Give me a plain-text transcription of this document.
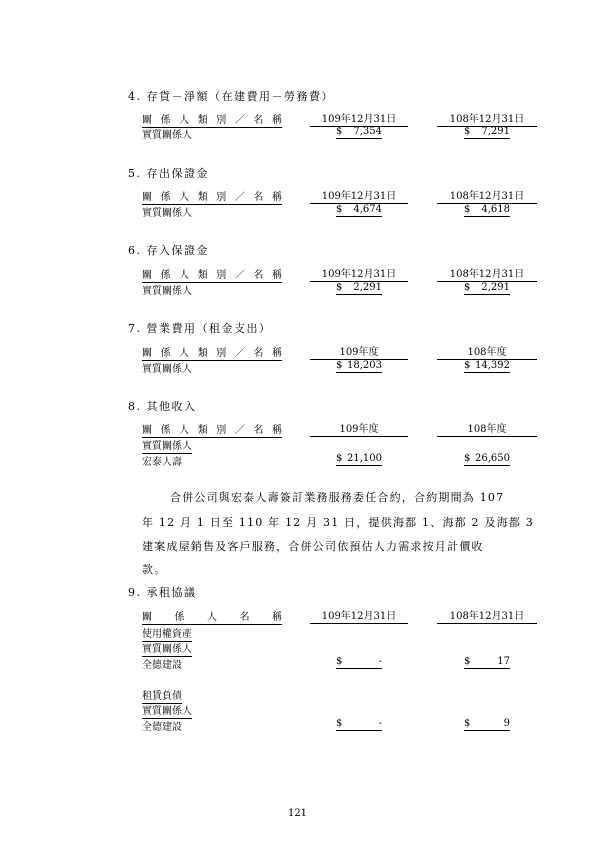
4. 存貨－淨額（在建費用－勞務費）
關係人類別／名稱	109年12月31日	108年12月31日
實質關係人	$ 7,354	$ 7,291
5. 存出保證金
關係人類別／名稱	109年12月31日	108年12月31日
實質關係人	$ 4,674	$ 4,618
6. 存入保證金
關係人類別／名稱	109年12月31日	108年12月31日
實質關係人	$ 2,291	$ 2,291
7. 營業費用（租金支出）
關係人類別／名稱	109年度	108年度
實質關係人	$ 18,203	$ 14,392
8. 其他收入
關係人類別／名稱	109年度	108年度
實質關係人
宏泰人壽	$ 21,100	$ 26,650
合併公司與宏泰人壽簽訂業務服務委任合約，合約期間為 107
年 12 月 1 日至 110 年 12 月 31 日，提供海都 1、海都 2 及海都 3
建案成屋銷售及客戶服務，合併公司依預估人力需求按月計價收
款。
9. 承租協議
關係人名稱	109年12月31日	108年12月31日
使用權資產
實質關係人
全德建設	$	-	$	17
租賃負債
實質關係人
全德建設	$	-	$	9
121
